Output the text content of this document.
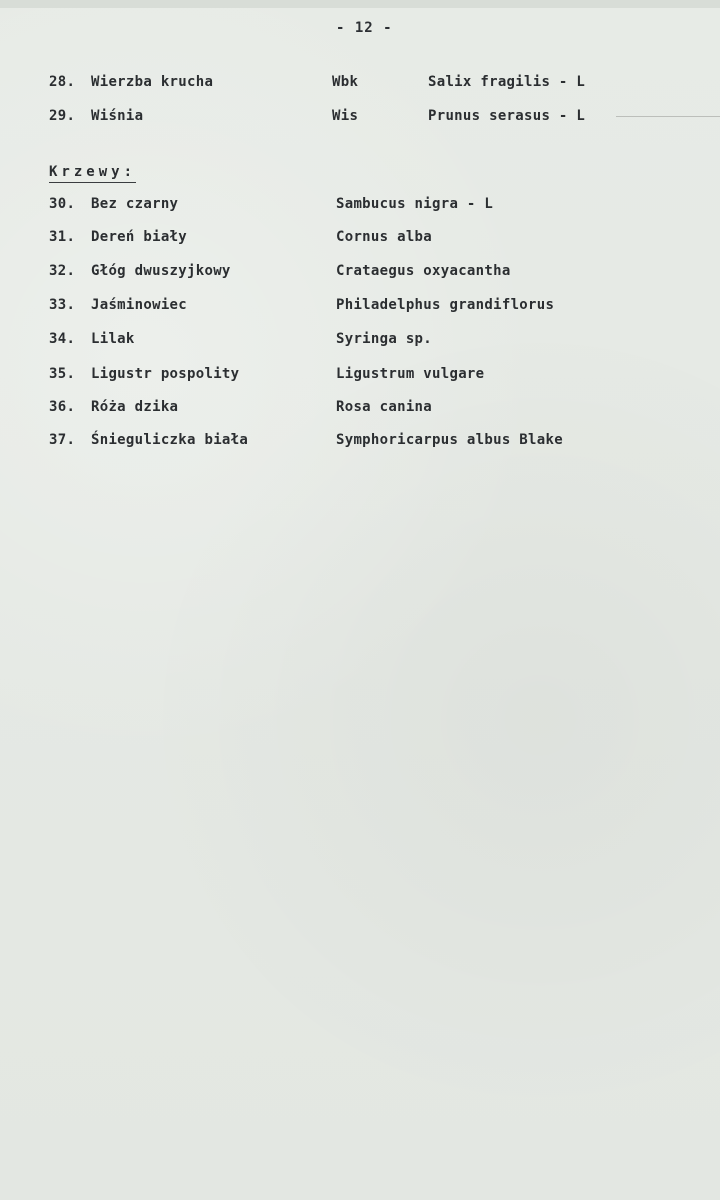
- 12 -
28. Wierzba krucha	Wbk	Salix fragilis - L
29. Wiśnia	Wis	Prunus serasus - L
Krzewy:
30. Bez czarny	Sambucus nigra - L
31. Dereń biały	Cornus alba
32. Głóg dwuszyjkowy	Crataegus oxyacantha
33. Jaśminowiec	Philadelphus grandiflorus
34. Lilak	Syringa sp.
35. Ligustr pospolity	Ligustrum vulgare
36. Róża dzika	Rosa canina
37. Śnieguliczka biała	Symphoricarpus albus Blake
